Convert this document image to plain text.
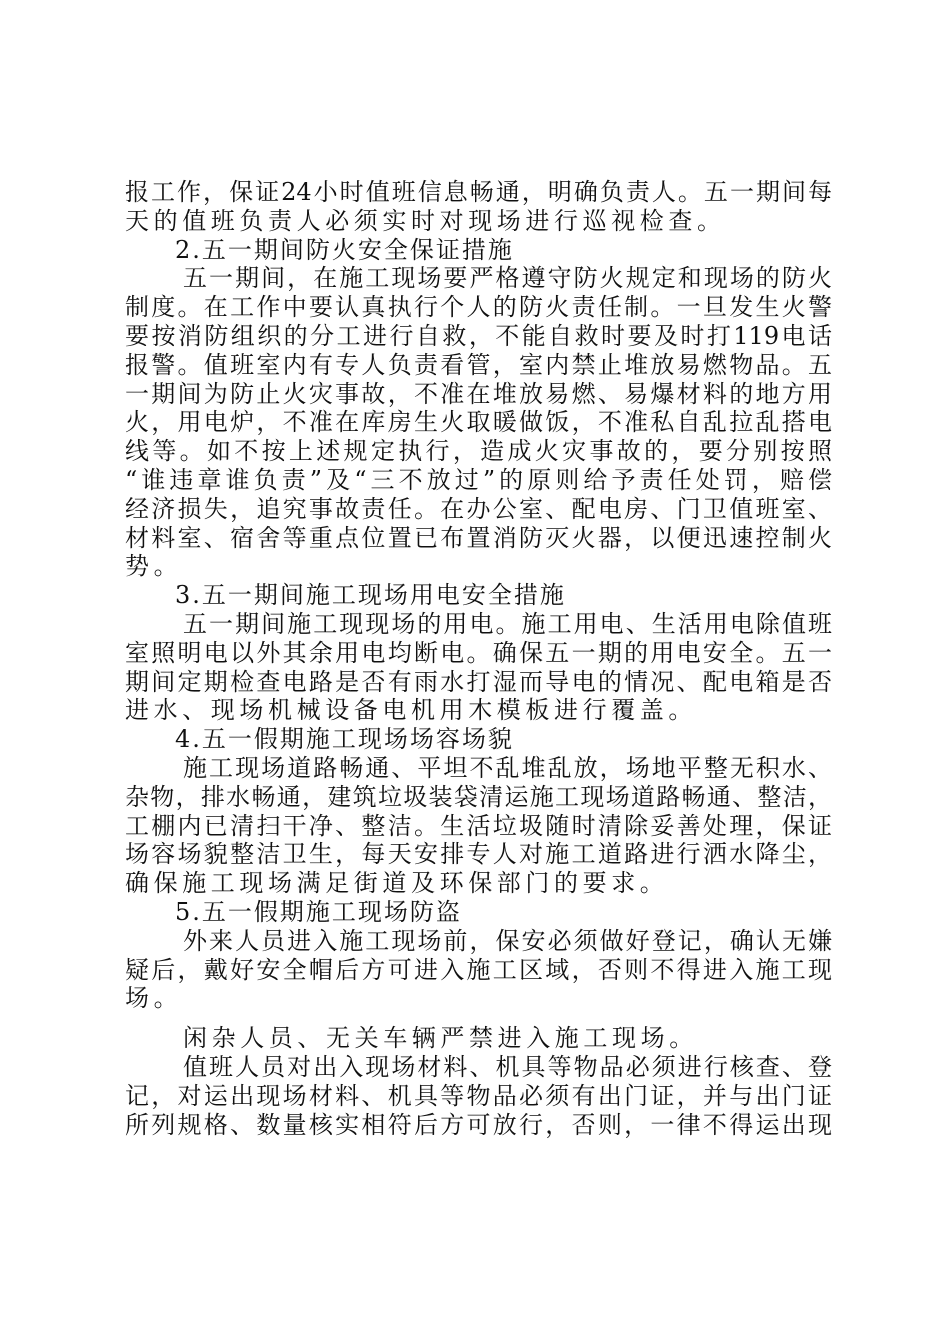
报工作，保证24小时值班信息畅通，明确负责人。五一期间每
天的值班负责人必须实时对现场进行巡视检查。
2.五一期间防火安全保证措施
五一期间，在施工现场要严格遵守防火规定和现场的防火
制度。在工作中要认真执行个人的防火责任制。一旦发生火警
要按消防组织的分工进行自救，不能自救时要及时打119电话
报警。值班室内有专人负责看管，室内禁止堆放易燃物品。五
一期间为防止火灾事故，不准在堆放易燃、易爆材料的地方用
火，用电炉，不准在库房生火取暖做饭，不准私自乱拉乱搭电
线等。如不按上述规定执行，造成火灾事故的，要分别按照
“谁违章谁负责”及“三不放过”的原则给予责任处罚，赔偿
经济损失，追究事故责任。在办公室、配电房、门卫值班室、
材料室、宿舍等重点位置已布置消防灭火器，以便迅速控制火
势。
3.五一期间施工现场用电安全措施
五一期间施工现现场的用电。施工用电、生活用电除值班
室照明电以外其余用电均断电。确保五一期的用电安全。五一
期间定期检查电路是否有雨水打湿而导电的情况、配电箱是否
进水、现场机械设备电机用木模板进行覆盖。
4.五一假期施工现场场容场貌
施工现场道路畅通、平坦不乱堆乱放，场地平整无积水、
杂物，排水畅通，建筑垃圾装袋清运施工现场道路畅通、整洁，
工棚内已清扫干净、整洁。生活垃圾随时清除妥善处理，保证
场容场貌整洁卫生，每天安排专人对施工道路进行洒水降尘，
确保施工现场满足街道及环保部门的要求。
5.五一假期施工现场防盗
外来人员进入施工现场前，保安必须做好登记，确认无嫌
疑后，戴好安全帽后方可进入施工区域，否则不得进入施工现
场。
闲杂人员、无关车辆严禁进入施工现场。
值班人员对出入现场材料、机具等物品必须进行核查、登
记，对运出现场材料、机具等物品必须有出门证，并与出门证
所列规格、数量核实相符后方可放行，否则，一律不得运出现
